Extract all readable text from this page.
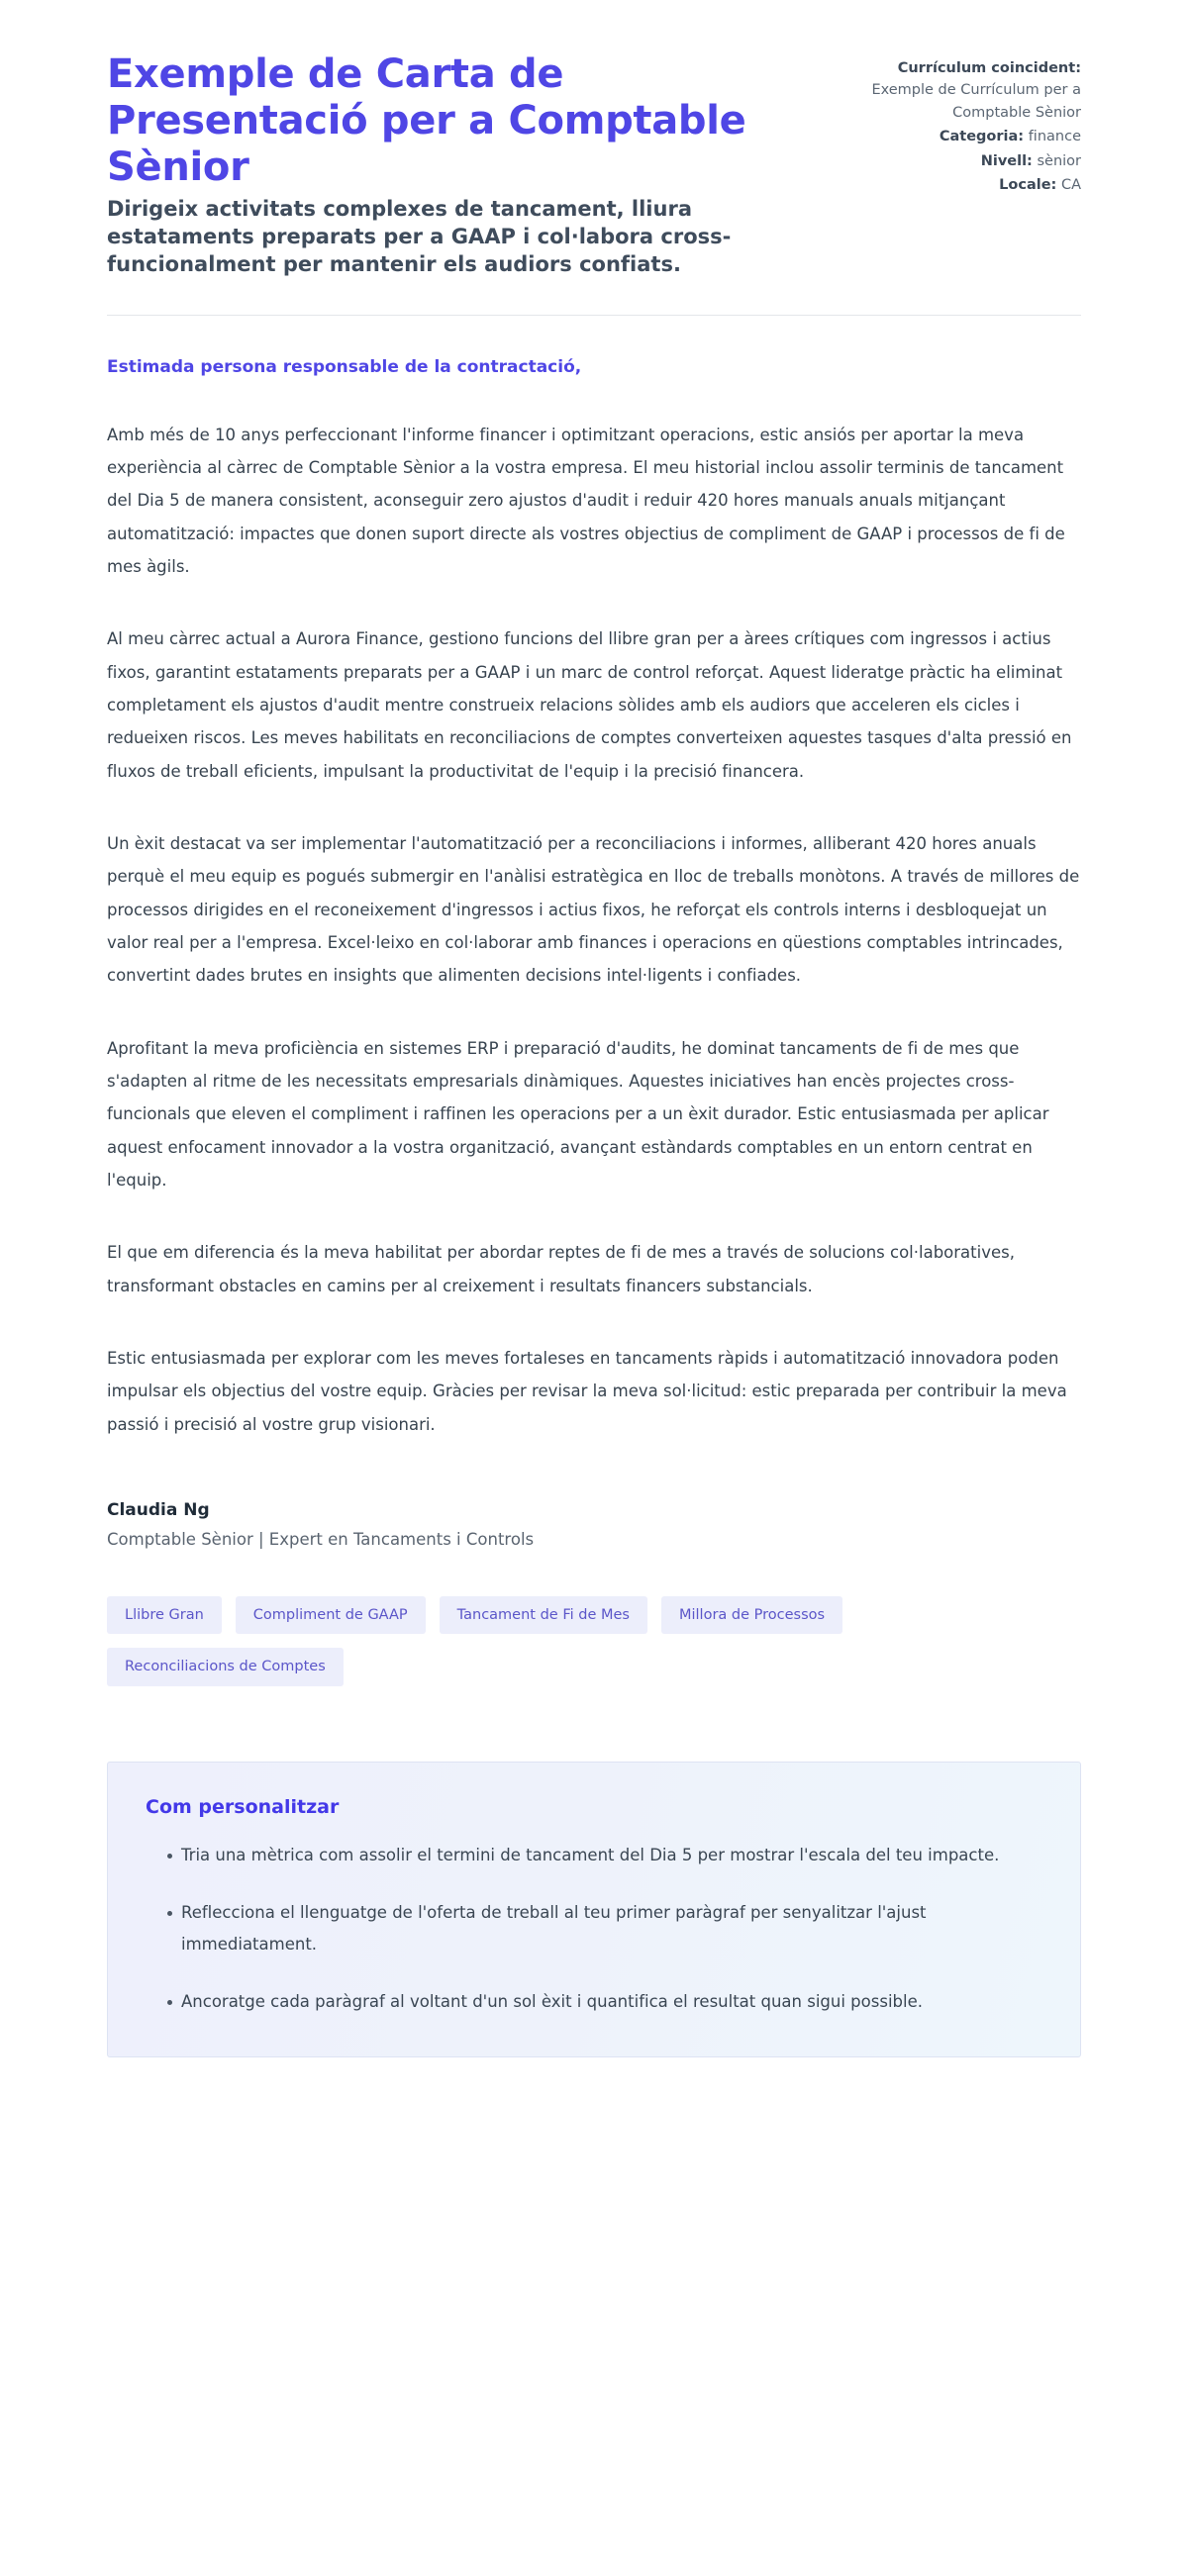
Exemple de Carta de Presentació per a Comptable Sènior

Dirigeix activitats complexes de tancament, lliura estataments preparats per a GAAP i col·labora cross-funcionalment per mantenir els audiors confiats.

Currículum coincident: Exemple de Currículum per a Comptable Sènior
Categoria: finance
Nivell: sènior
Locale: CA

Estimada persona responsable de la contractació,

Amb més de 10 anys perfeccionant l'informe financer i optimitzant operacions, estic ansiós per aportar la meva experiència al càrrec de Comptable Sènior a la vostra empresa. El meu historial inclou assolir terminis de tancament del Dia 5 de manera consistent, aconseguir zero ajustos d'audit i reduir 420 hores manuals anuals mitjançant automatització: impactes que donen suport directe als vostres objectius de compliment de GAAP i processos de fi de mes àgils.

Al meu càrrec actual a Aurora Finance, gestiono funcions del llibre gran per a àrees crítiques com ingressos i actius fixos, garantint estataments preparats per a GAAP i un marc de control reforçat. Aquest lideratge pràctic ha eliminat completament els ajustos d'audit mentre construeix relacions sòlides amb els audiors que acceleren els cicles i redueixen riscos. Les meves habilitats en reconciliacions de comptes converteixen aquestes tasques d'alta pressió en fluxos de treball eficients, impulsant la productivitat de l'equip i la precisió financera.

Un èxit destacat va ser implementar l'automatització per a reconciliacions i informes, alliberant 420 hores anuals perquè el meu equip es pogués submergir en l'anàlisi estratègica en lloc de treballs monòtons. A través de millores de processos dirigides en el reconeixement d'ingressos i actius fixos, he reforçat els controls interns i desbloquejat un valor real per a l'empresa. Excel·leixo en col·laborar amb finances i operacions en qüestions comptables intrincades, convertint dades brutes en insights que alimenten decisions intel·ligents i confiades.

Aprofitant la meva proficiència en sistemes ERP i preparació d'audits, he dominat tancaments de fi de mes que s'adapten al ritme de les necessitats empresarials dinàmiques. Aquestes iniciatives han encès projectes cross-funcionals que eleven el compliment i raffinen les operacions per a un èxit durador. Estic entusiasmada per aplicar aquest enfocament innovador a la vostra organització, avançant estàndards comptables en un entorn centrat en l'equip.

El que em diferencia és la meva habilitat per abordar reptes de fi de mes a través de solucions col·laboratives, transformant obstacles en camins per al creixement i resultats financers substancials.

Estic entusiasmada per explorar com les meves fortaleses en tancaments ràpids i automatització innovadora poden impulsar els objectius del vostre equip. Gràcies per revisar la meva sol·licitud: estic preparada per contribuir la meva passió i precisió al vostre grup visionari.

Claudia Ng

Comptable Sènior | Expert en Tancaments i Controls

Llibre Gran	Compliment de GAAP	Tancament de Fi de Mes	Millora de Processos
Reconciliacions de Comptes
Com personalitzar
Tria una mètrica com assolir el termini de tancament del Dia 5 per mostrar l'escala del teu impacte.
Reflecciona el llenguatge de l'oferta de treball al teu primer paràgraf per senyalitzar l'ajust immediatament.
Ancoratge cada paràgraf al voltant d'un sol èxit i quantifica el resultat quan sigui possible.
